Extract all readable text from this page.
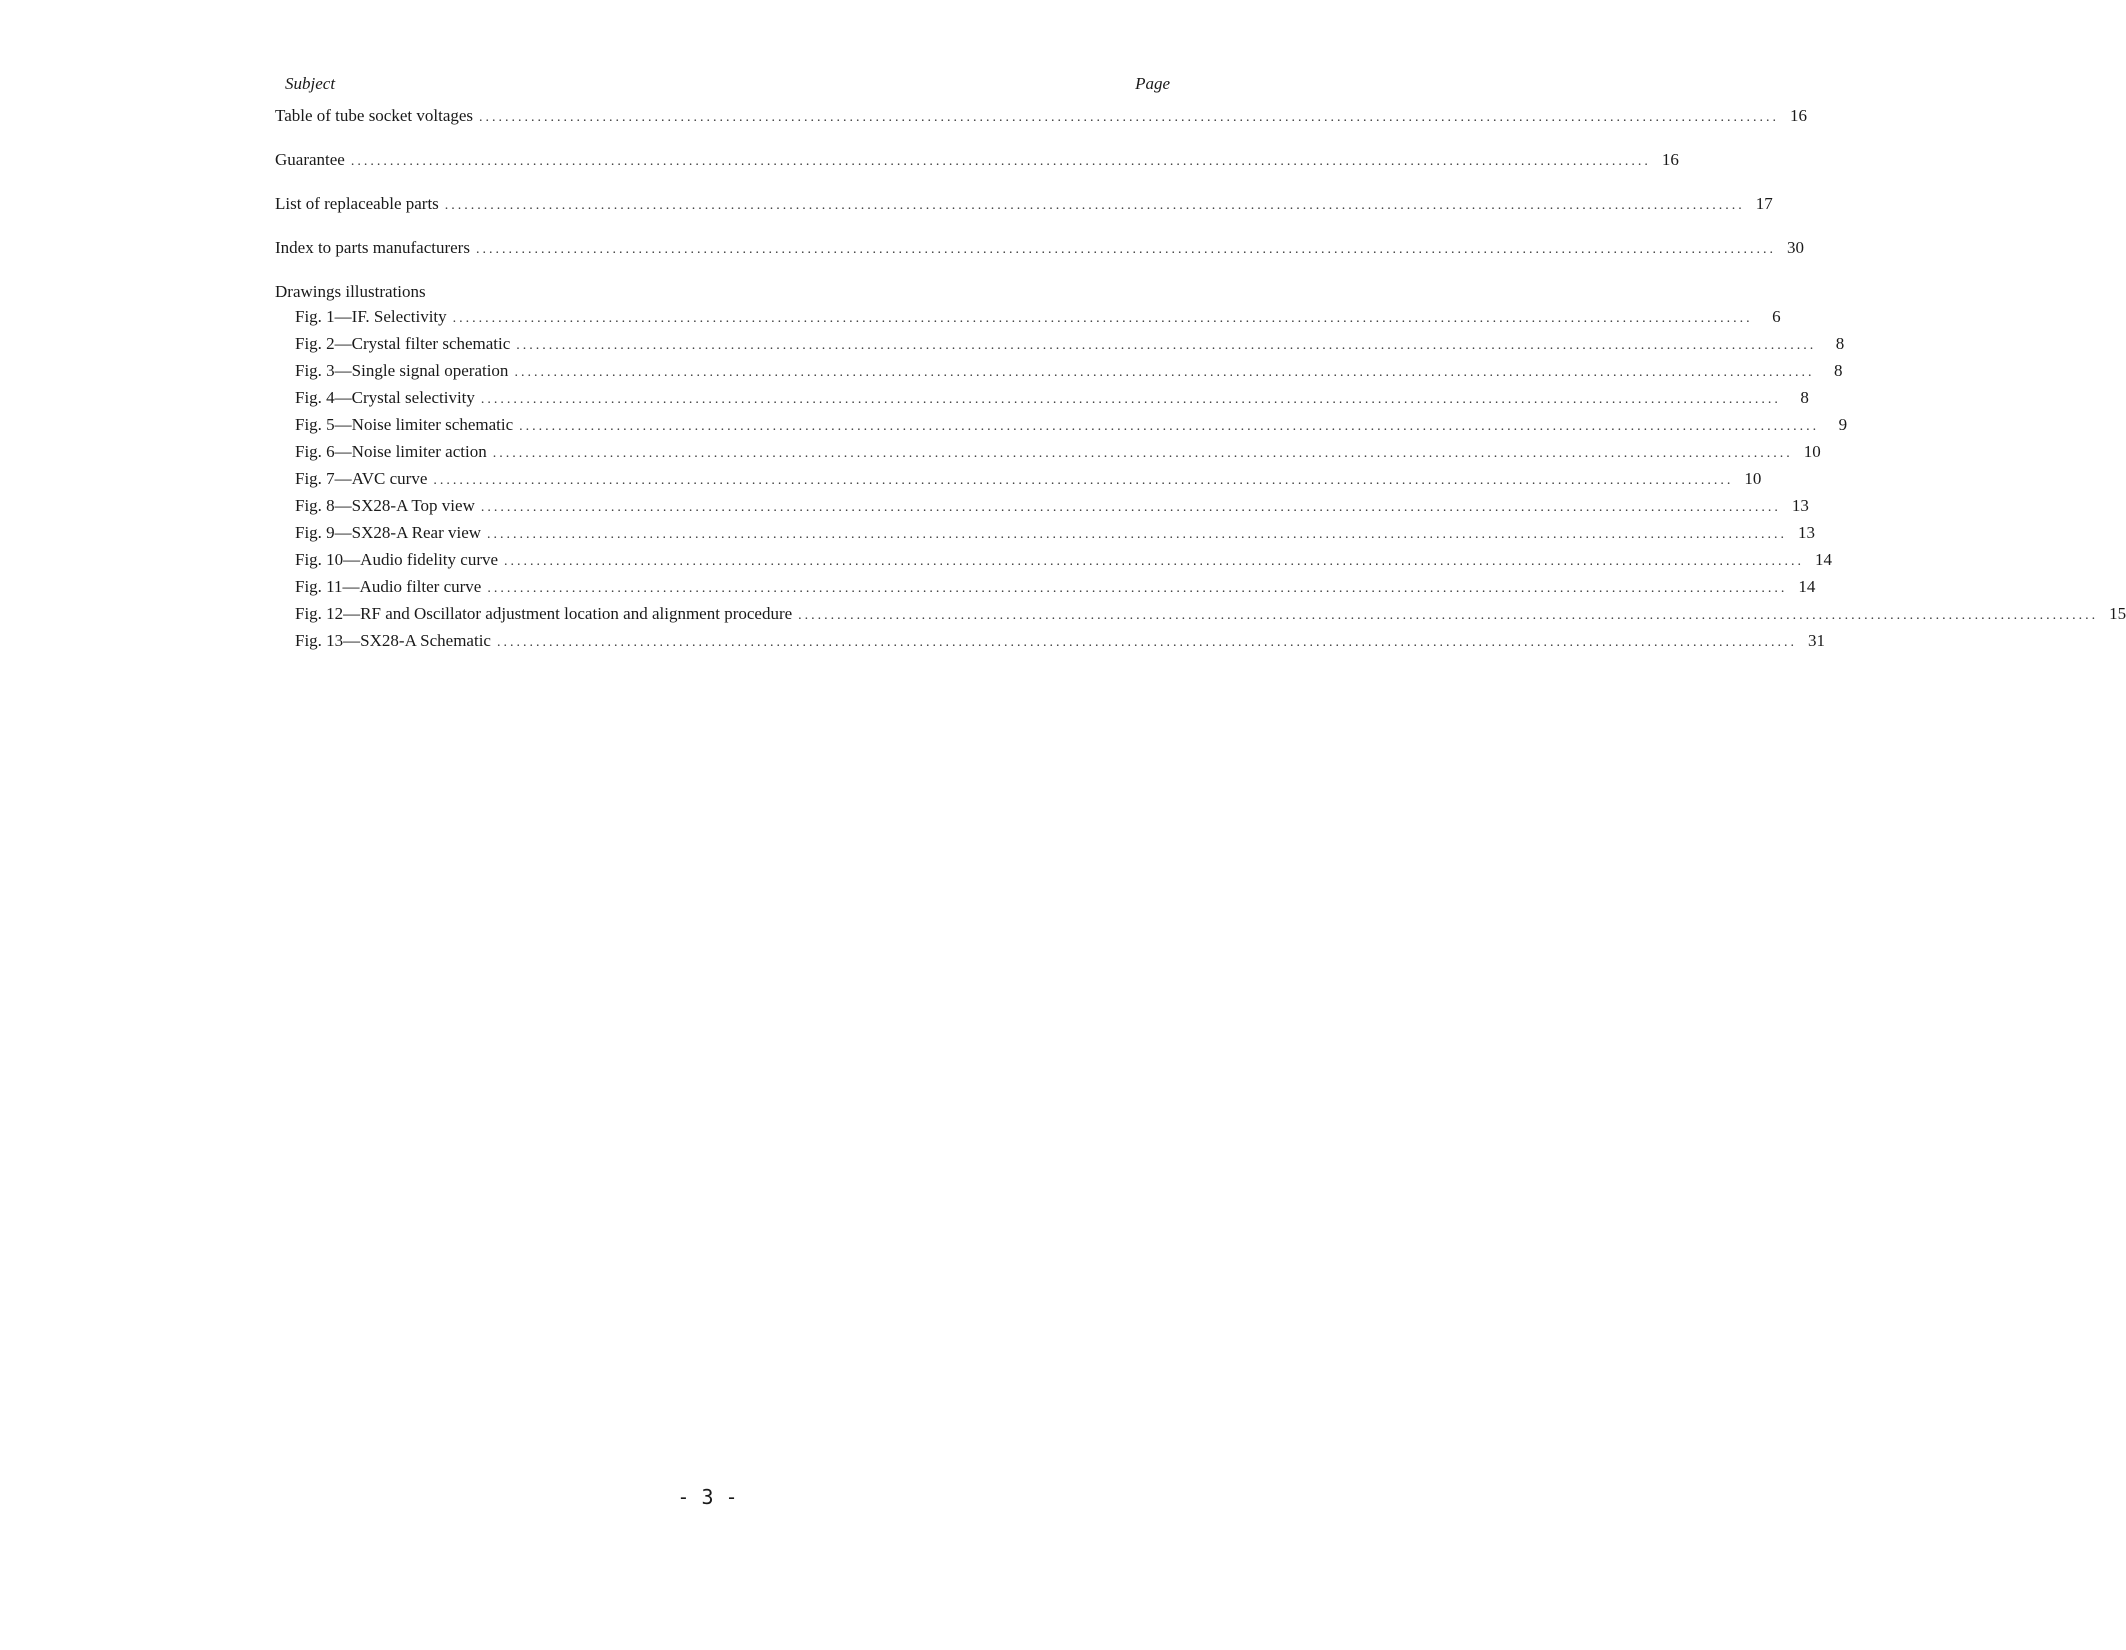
Subject	Page
Table of tube socket voltages ........................................................................................................................................................................................................ 16
Guarantee ........................................................................................................................................................................................................ 16
List of replaceable parts ........................................................................................................................................................................................................ 17
Index to parts manufacturers ........................................................................................................................................................................................................ 30
Drawings illustrations
Fig. 1—IF. Selectivity ........................................................................................................................................................................................................	6
Fig. 2—Crystal filter schematic ........................................................................................................................................................................................................	8
Fig. 3—Single signal operation ........................................................................................................................................................................................................	8
Fig. 4—Crystal selectivity ........................................................................................................................................................................................................	8
Fig. 5—Noise limiter schematic ........................................................................................................................................................................................................	9
Fig. 6—Noise limiter action ........................................................................................................................................................................................................ 10
Fig. 7—AVC curve ........................................................................................................................................................................................................ 10
Fig. 8—SX28-A Top view ........................................................................................................................................................................................................ 13
Fig. 9—SX28-A Rear view ........................................................................................................................................................................................................ 13
Fig. 10—Audio fidelity curve ........................................................................................................................................................................................................ 14
Fig. 11—Audio filter curve ........................................................................................................................................................................................................ 14
Fig. 12—RF and Oscillator adjustment location and alignment procedure ........................................................................................................................................................................................................ 15
Fig. 13—SX28-A Schematic ........................................................................................................................................................................................................ 31
- 3 -
